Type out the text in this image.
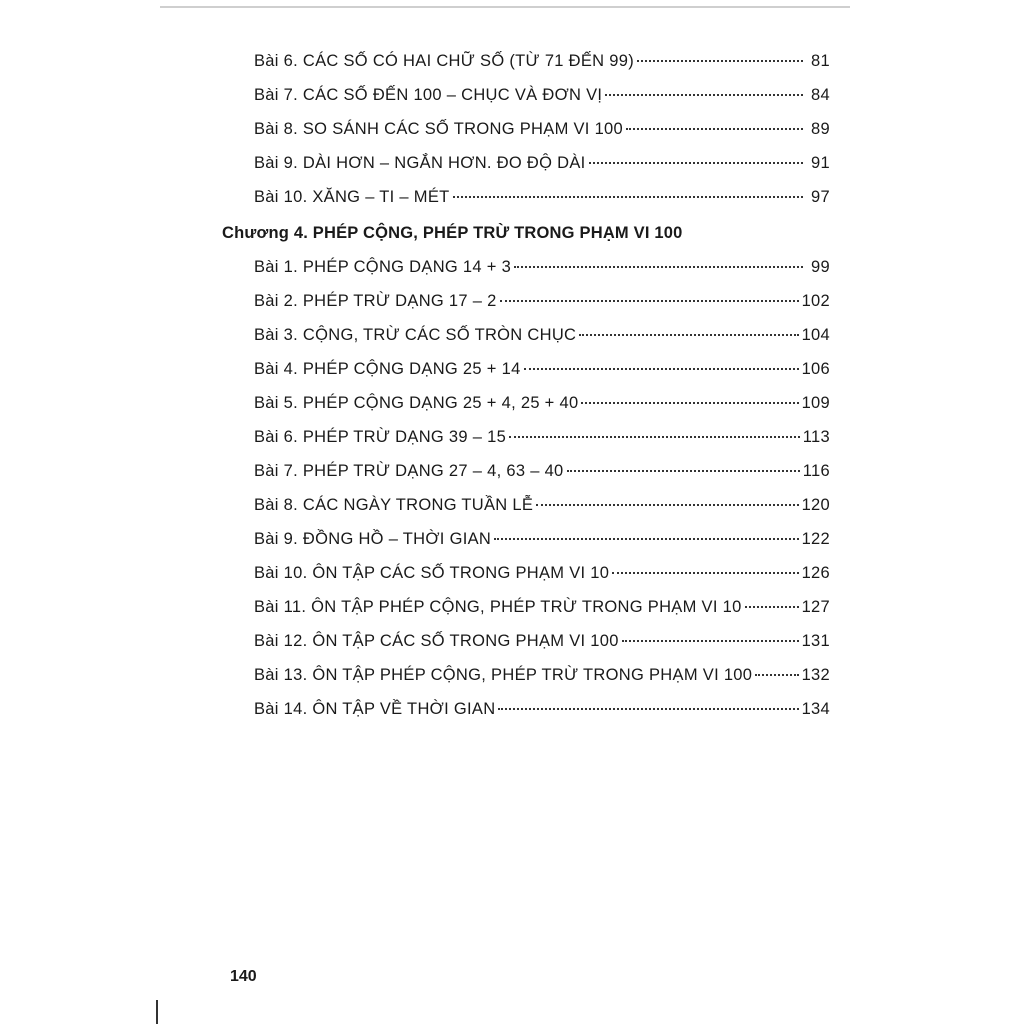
Bài 6. CÁC SỐ CÓ HAI CHỮ SỐ (TỪ 71 ĐẾN 99)	81
Bài 7. CÁC SỐ ĐẾN 100 – CHỤC VÀ ĐƠN VỊ	84
Bài 8. SO SÁNH CÁC SỐ TRONG PHẠM VI 100	89
Bài 9. DÀI HƠN – NGẮN HƠN. ĐO ĐỘ DÀI	91
Bài 10. XĂNG – TI – MÉT	97
Chương 4. PHÉP CỘNG, PHÉP TRỪ TRONG PHẠM VI 100
Bài 1. PHÉP CỘNG DẠNG 14 + 3	99
Bài 2. PHÉP TRỪ DẠNG 17 – 2	102
Bài 3. CỘNG, TRỪ CÁC SỐ TRÒN CHỤC	104
Bài 4. PHÉP CỘNG DẠNG 25 + 14	106
Bài 5. PHÉP CỘNG DẠNG 25 + 4, 25 + 40	109
Bài 6. PHÉP TRỪ DẠNG 39 – 15	113
Bài 7. PHÉP TRỪ DẠNG 27 – 4, 63 – 40	116
Bài 8. CÁC NGÀY TRONG TUẦN LỄ	120
Bài 9. ĐỒNG HỒ – THỜI GIAN	122
Bài 10. ÔN TẬP CÁC SỐ TRONG PHẠM VI 10	126
Bài 11. ÔN TẬP PHÉP CỘNG, PHÉP TRỪ TRONG PHẠM VI 10	127
Bài 12. ÔN TẬP CÁC SỐ TRONG PHẠM VI 100	131
Bài 13. ÔN TẬP PHÉP CỘNG, PHÉP TRỪ TRONG PHẠM VI 100	132
Bài 14. ÔN TẬP VỀ THỜI GIAN	134
140
